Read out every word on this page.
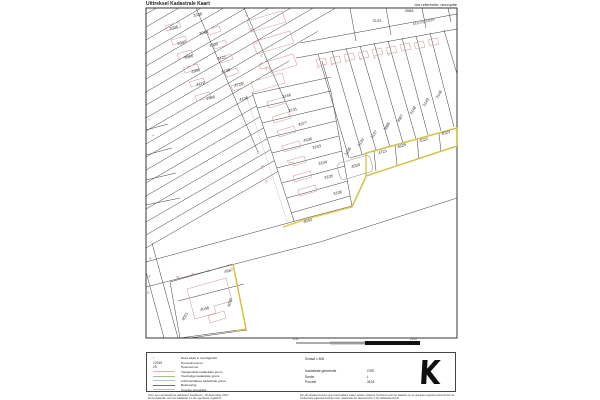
3338
3336
3096
3337	3339
3966	4121
2999	4130
4172	4720
2966	4136
3133
3588
3166
3131
4577
4636
3103
3104
3105
3106
4509
4643
4721
4629
4522
4523
3136
3132
3137
3686
3687
3148
3149
3146
4667
4048
4096
4021
8
10
12
14
16
62
60
58
3
5
7
9	11
13
36
38
40
32
34
36
2
4
Maringkade
0 m	25 m
Uittreksel Kadastrale Kaart	Uw referentie: reuvoptie
↑	Deze kaart is noordgericht
12345	Perceelnummer
25	Huisnummer
Vastgestelde kadastrale grens
Voorlopige kadastrale grens
Administratieve kadastrale grens
Bebouwing
Overige topografie
Schaal 1:500
Kadastrale gemeente	OSS
Sectie	L
Perceel	3104	K
Voor een eensluidend uittreksel, Apeldoorn, 19 december 2017
De bewaarder van het kadaster en de openbare registers
Aan dit uittreksel kunnen geen betrouwbare maten worden ontleend. De Dienst voor het kadaster en de openbare registers behoudt zich de intellectuele eigendomsrechten voor, waaronder het auteursrecht en het databankenrecht.
